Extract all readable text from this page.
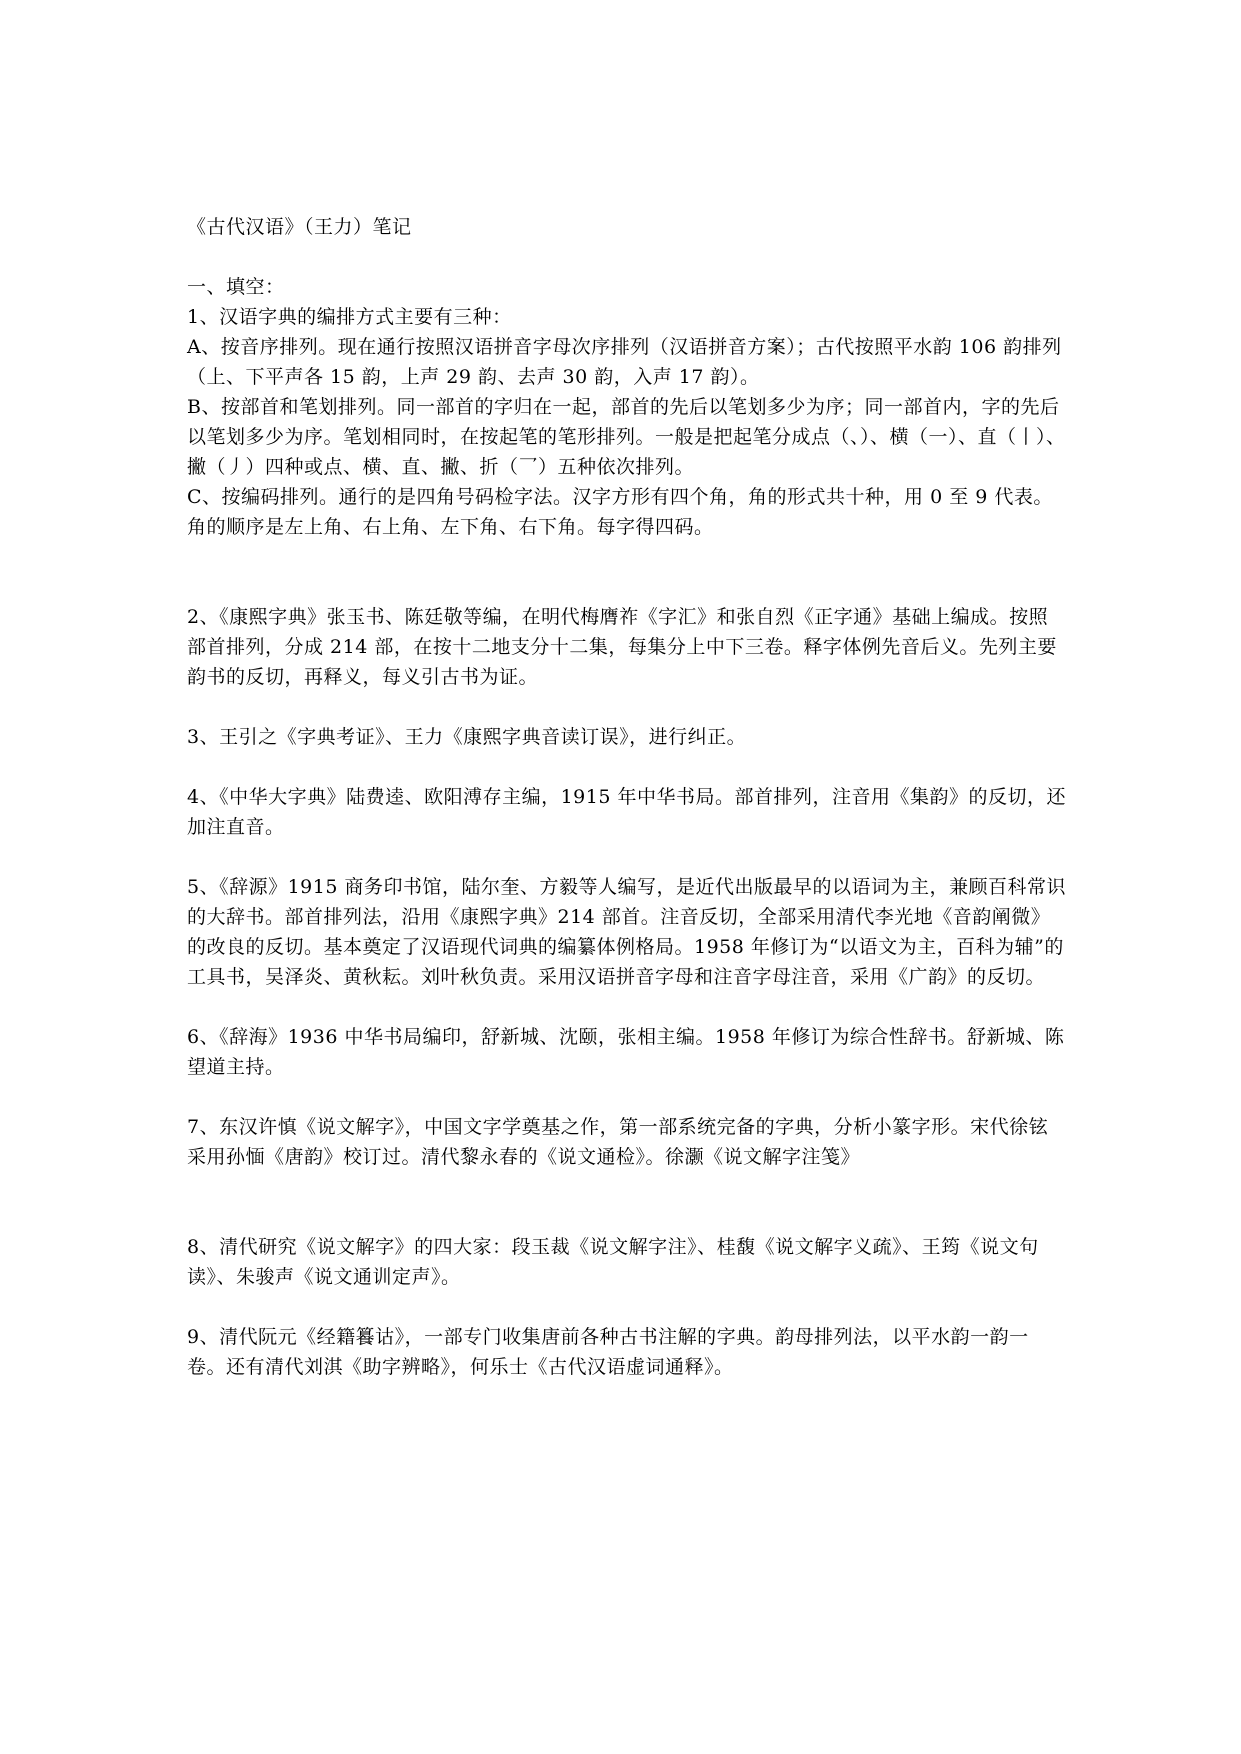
《古代汉语》（王力）笔记

一、填空：

1、汉语字典的编排方式主要有三种：

A、按音序排列。现在通行按照汉语拼音字母次序排列（汉语拼音方案）；古代按照平水韵 106 韵排列（上、下平声各 15 韵，上声 29 韵、去声 30 韵，入声 17 韵）。

B、按部首和笔划排列。同一部首的字归在一起，部首的先后以笔划多少为序；同一部首内，字的先后以笔划多少为序。笔划相同时，在按起笔的笔形排列。一般是把起笔分成点（、）、横（一）、直（丨）、撇（丿）四种或点、横、直、撇、折（乛）五种依次排列。

C、按编码排列。通行的是四角号码检字法。汉字方形有四个角，角的形式共十种，用 0 至 9 代表。角的顺序是左上角、右上角、左下角、右下角。每字得四码。

2、《康熙字典》张玉书、陈廷敬等编，在明代梅膺祚《字汇》和张自烈《正字通》基础上编成。按照部首排列，分成 214 部，在按十二地支分十二集，每集分上中下三卷。释字体例先音后义。先列主要韵书的反切，再释义，每义引古书为证。

3、王引之《字典考证》、王力《康熙字典音读订误》，进行纠正。

4、《中华大字典》陆费逵、欧阳溥存主编，1915 年中华书局。部首排列，注音用《集韵》的反切，还加注直音。

5、《辞源》1915 商务印书馆，陆尔奎、方毅等人编写，是近代出版最早的以语词为主，兼顾百科常识的大辞书。部首排列法，沿用《康熙字典》214 部首。注音反切，全部采用清代李光地《音韵阐微》的改良的反切。基本奠定了汉语现代词典的编纂体例格局。1958 年修订为“以语文为主，百科为辅”的工具书，吴泽炎、黄秋耘。刘叶秋负责。采用汉语拼音字母和注音字母注音，采用《广韵》的反切。

6、《辞海》1936 中华书局编印，舒新城、沈颐，张相主编。1958 年修订为综合性辞书。舒新城、陈望道主持。

7、东汉许慎《说文解字》，中国文字学奠基之作，第一部系统完备的字典，分析小篆字形。宋代徐铉采用孙愐《唐韵》校订过。清代黎永春的《说文通检》。徐灏《说文解字注笺》

8、清代研究《说文解字》的四大家：段玉裁《说文解字注》、桂馥《说文解字义疏》、王筠《说文句读》、朱骏声《说文通训定声》。

9、清代阮元《经籍籑诂》，一部专门收集唐前各种古书注解的字典。韵母排列法，以平水韵一韵一卷。还有清代刘淇《助字辨略》，何乐士《古代汉语虚词通释》。
